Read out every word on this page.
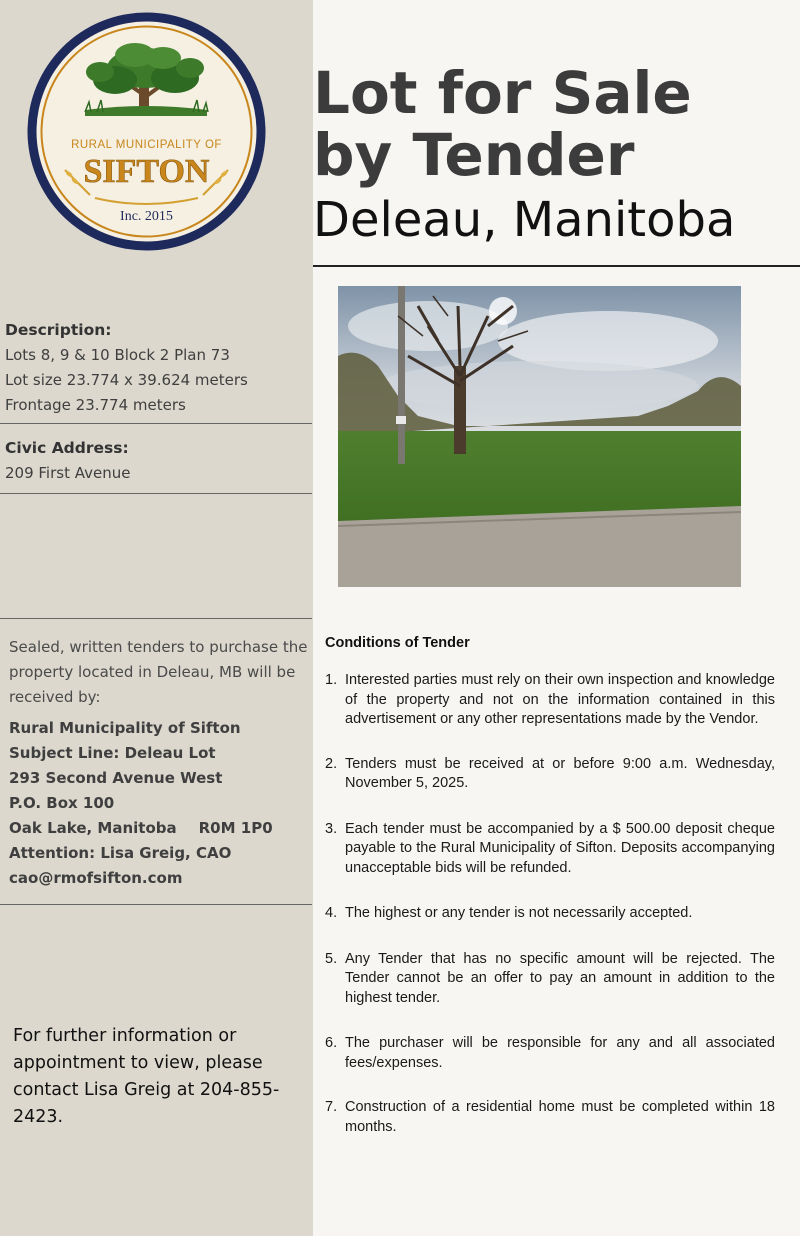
RURAL MUNICIPALITY OF
SIFTON
Inc. 2015
Lot for Sale
by Tender
Deleau, Manitoba
Description:
Lots 8, 9 & 10 Block 2 Plan 73
Lot size 23.774 x 39.624 meters
Frontage 23.774 meters
Civic Address:
209 First Avenue
Sealed, written tenders to purchase the property located in Deleau, MB will be received by:
Rural Municipality of Sifton
Subject Line: Deleau Lot
293 Second Avenue West
P.O. Box 100
Oak Lake, Manitoba R0M 1P0
Attention: Lisa Greig, CAO
cao@rmofsifton.com
For further information or appointment to view, please contact Lisa Greig at 204-855-2423.
Conditions of Tender
1. Interested parties must rely on their own inspection and knowledge of the property and not on the information contained in this advertisement or any other representations made by the Vendor.
2. Tenders must be received at or before 9:00 a.m. Wednesday, November 5, 2025.
3. Each tender must be accompanied by a $ 500.00 deposit cheque payable to the Rural Municipality of Sifton. Deposits accompanying unacceptable bids will be refunded.
4. The highest or any tender is not necessarily accepted.
5. Any Tender that has no specific amount will be rejected. The Tender cannot be an offer to pay an amount in addition to the highest tender.
6. The purchaser will be responsible for any and all associated fees/expenses.
7. Construction of a residential home must be completed within 18 months.
